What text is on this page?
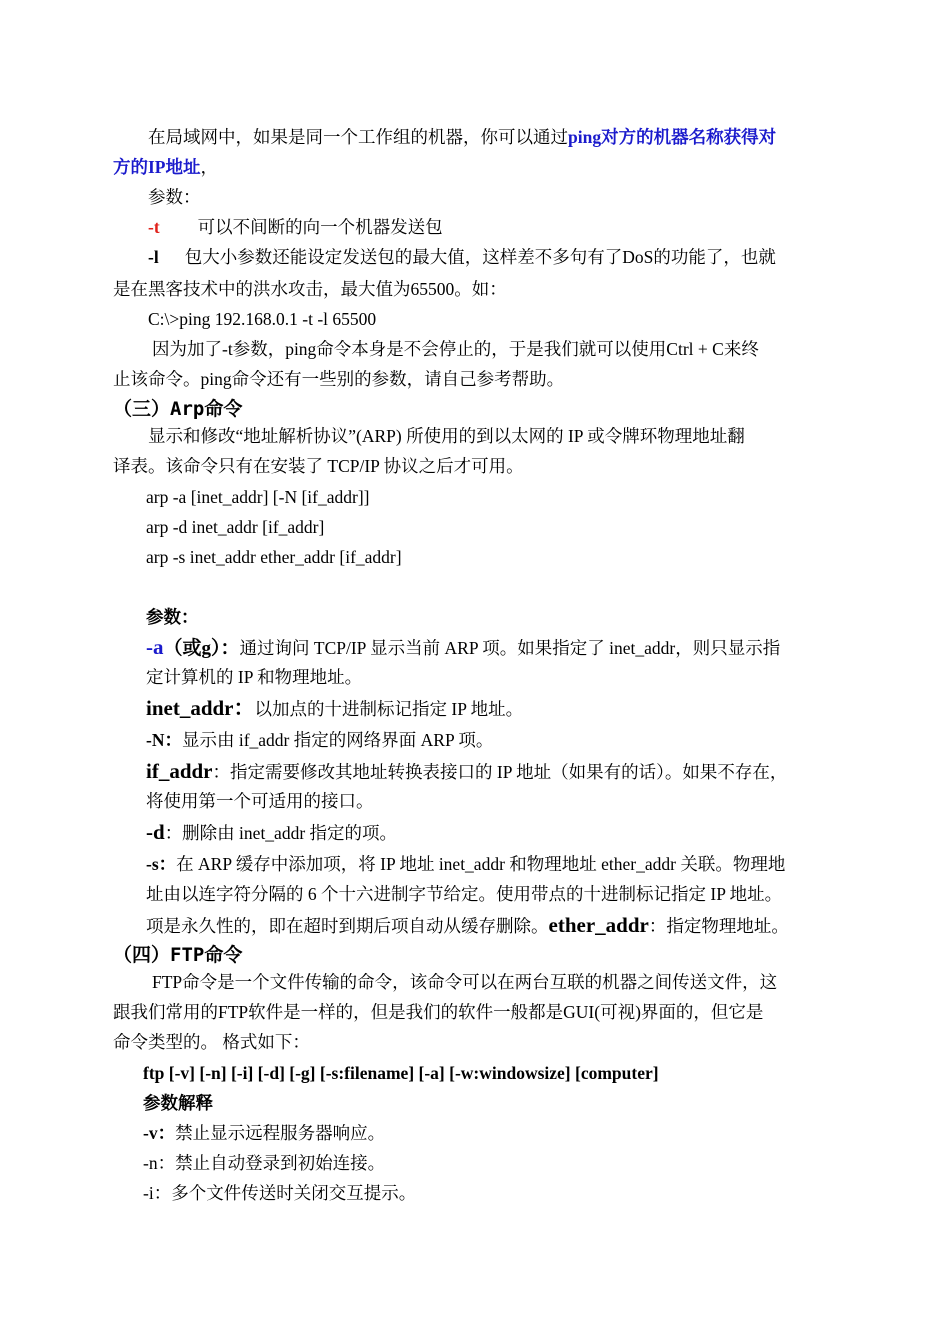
在局域网中，如果是同一个工作组的机器，你可以通过ping对方的机器名称获得对
方的IP地址，
参数：
-t 可以不间断的向一个机器发送包
-l 包大小参数还能设定发送包的最大值，这样差不多句有了DoS的功能了，也就
是在黑客技术中的洪水攻击，最大值为65500。如：
C:\>ping 192.168.0.1 -t -l 65500
因为加了-t参数，ping命令本身是不会停止的，于是我们就可以使用Ctrl + C来终
止该命令。ping命令还有一些别的参数，请自己参考帮助。
（三）Arp命令
显示和修改“地址解析协议”(ARP) 所使用的到以太网的 IP 或令牌环物理地址翻
译表。该命令只有在安装了 TCP/IP 协议之后才可用。
arp -a [inet_addr] [-N [if_addr]]
arp -d inet_addr [if_addr]
arp -s inet_addr ether_addr [if_addr]
参数：
-a（或g）：通过询问 TCP/IP 显示当前 ARP 项。如果指定了 inet_addr，则只显示指
定计算机的 IP 和物理地址。
inet_addr：以加点的十进制标记指定 IP 地址。
-N：显示由 if_addr 指定的网络界面 ARP 项。
if_addr：指定需要修改其地址转换表接口的 IP 地址（如果有的话）。如果不存在，
将使用第一个可适用的接口。
-d：删除由 inet_addr 指定的项。
-s：在 ARP 缓存中添加项，将 IP 地址 inet_addr 和物理地址 ether_addr 关联。物理地
址由以连字符分隔的 6 个十六进制字节给定。使用带点的十进制标记指定 IP 地址。
项是永久性的，即在超时到期后项自动从缓存删除。ether_addr：指定物理地址。
（四）FTP命令
FTP命令是一个文件传输的命令，该命令可以在两台互联的机器之间传送文件，这
跟我们常用的FTP软件是一样的，但是我们的软件一般都是GUI(可视)界面的，但它是
命令类型的。 格式如下：
ftp [-v] [-n] [-i] [-d] [-g] [-s:filename] [-a] [-w:windowsize] [computer]
参数解释
-v：禁止显示远程服务器响应。
-n：禁止自动登录到初始连接。
-i：多个文件传送时关闭交互提示。
